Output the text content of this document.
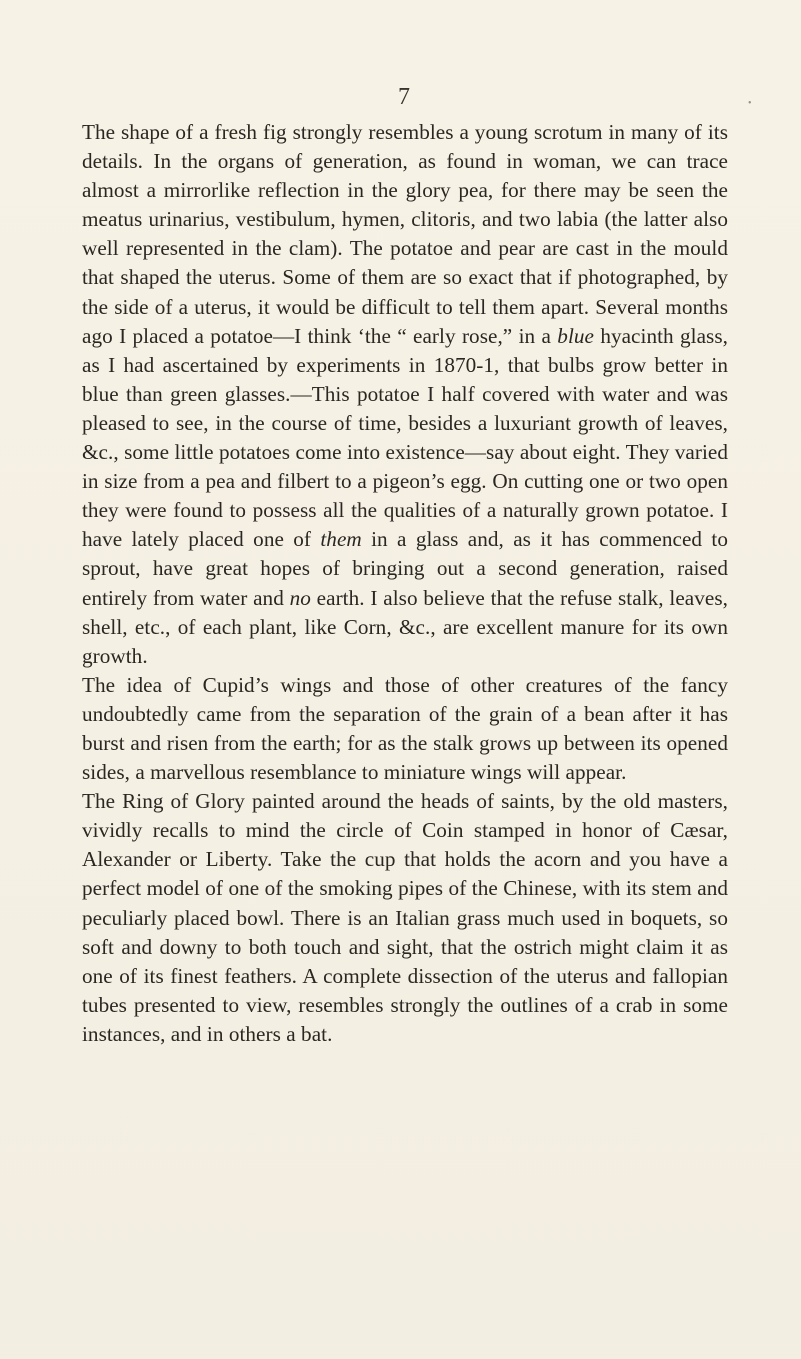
7	•

The shape of a fresh fig strongly resembles a young scrotum in many of its details. In the organs of generation, as found in woman, we can trace almost a mirrorlike reflection in the glory pea, for there may be seen the meatus urinarius, vestibulum, hymen, clitoris, and two labia (the latter also well represented in the clam). The potatoe and pear are cast in the mould that shaped the uterus. Some of them are so exact that if photographed, by the side of a uterus, it would be difficult to tell them apart. Several months ago I placed a potatoe—I think ‘the “ early rose,” in a blue hyacinth glass, as I had ascertained by experiments in 1870-1, that bulbs grow better in blue than green glasses.—This potatoe I half covered with water and was pleased to see, in the course of time, besides a luxuriant growth of leaves, &c., some little potatoes come into existence—say about eight. They varied in size from a pea and filbert to a pigeon’s egg. On cutting one or two open they were found to possess all the qualities of a naturally grown potatoe. I have lately placed one of them in a glass and, as it has commenced to sprout, have great hopes of bringing out a second generation, raised entirely from water and no earth. I also believe that the refuse stalk, leaves, shell, etc., of each plant, like Corn, &c., are excellent manure for its own growth.

The idea of Cupid’s wings and those of other creatures of the fancy undoubtedly came from the separation of the grain of a bean after it has burst and risen from the earth; for as the stalk grows up between its opened sides, a marvellous resemblance to miniature wings will appear.

The Ring of Glory painted around the heads of saints, by the old masters, vividly recalls to mind the circle of Coin stamped in honor of Cæsar, Alexander or Liberty. Take the cup that holds the acorn and you have a perfect model of one of the smoking pipes of the Chinese, with its stem and peculiarly placed bowl. There is an Italian grass much used in boquets, so soft and downy to both touch and sight, that the ostrich might claim it as one of its finest feathers. A complete dissection of the uterus and fallopian tubes presented to view, resembles strongly the outlines of a crab in some instances, and in others a bat.
